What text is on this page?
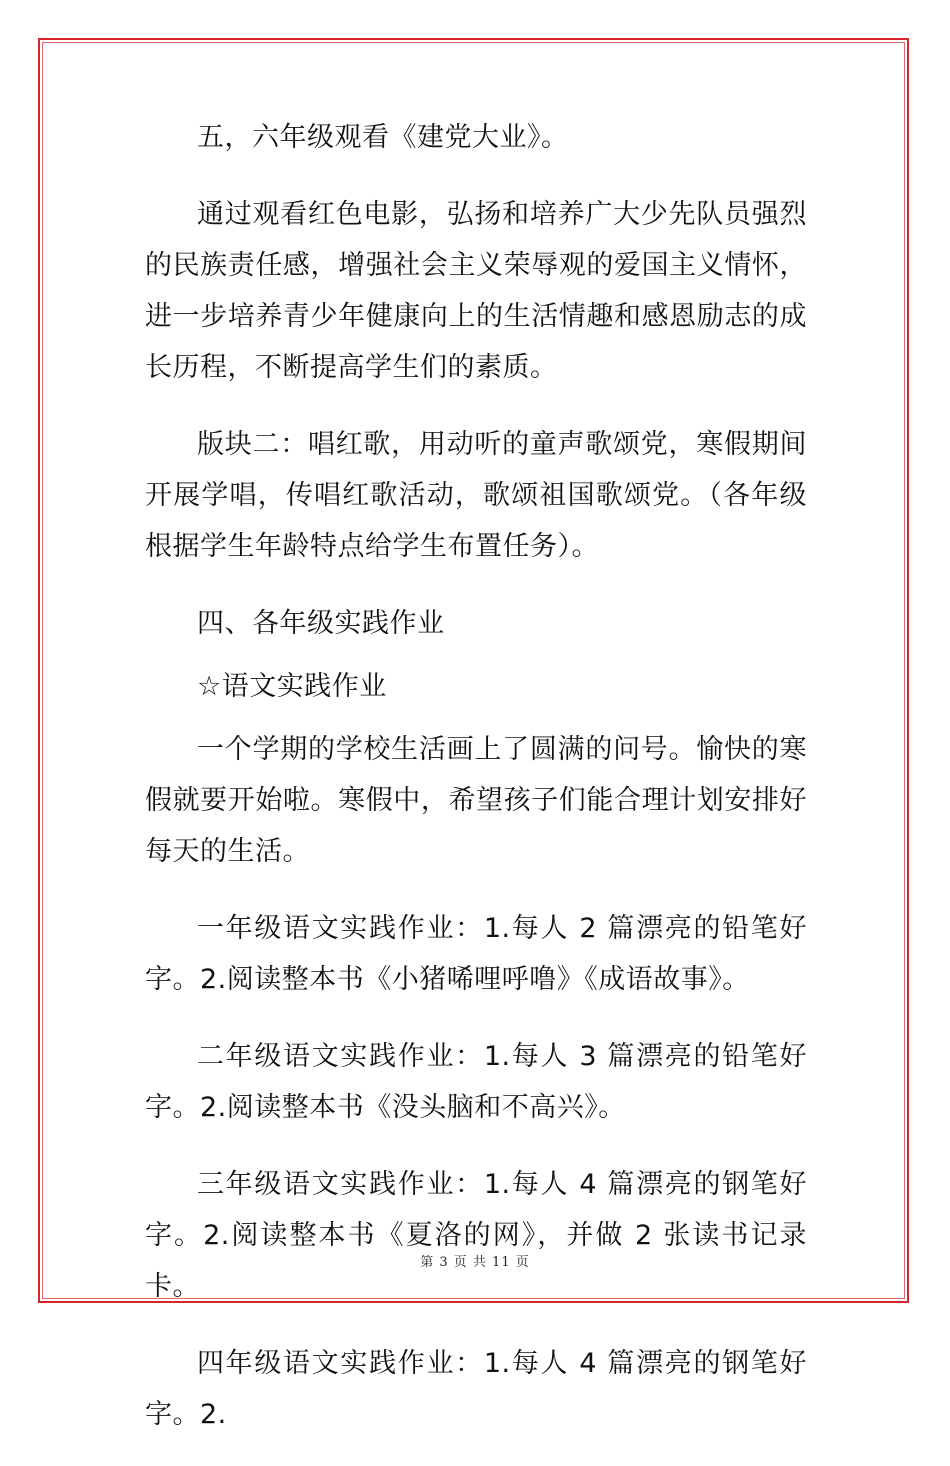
五，六年级观看《建党大业》。

通过观看红色电影，弘扬和培养广大少先队员强烈的民族责任感，增强社会主义荣辱观的爱国主义情怀，进一步培养青少年健康向上的生活情趣和感恩励志的成长历程，不断提高学生们的素质。

版块二：唱红歌，用动听的童声歌颂党，寒假期间开展学唱，传唱红歌活动，歌颂祖国歌颂党。（各年级根据学生年龄特点给学生布置任务）。

四、各年级实践作业

☆语文实践作业

一个学期的学校生活画上了圆满的问号。愉快的寒假就要开始啦。寒假中，希望孩子们能合理计划安排好每天的生活。

一年级语文实践作业：1.每人 2 篇漂亮的铅笔好字。2.阅读整本书《小猪唏哩呼噜》《成语故事》。

二年级语文实践作业：1.每人 3 篇漂亮的铅笔好字。2.阅读整本书《没头脑和不高兴》。

三年级语文实践作业：1.每人 4 篇漂亮的钢笔好字。2.阅读整本书《夏洛的网》，并做 2 张读书记录卡。

四年级语文实践作业：1.每人 4 篇漂亮的钢笔好字。2.

第 3 页 共 11 页
